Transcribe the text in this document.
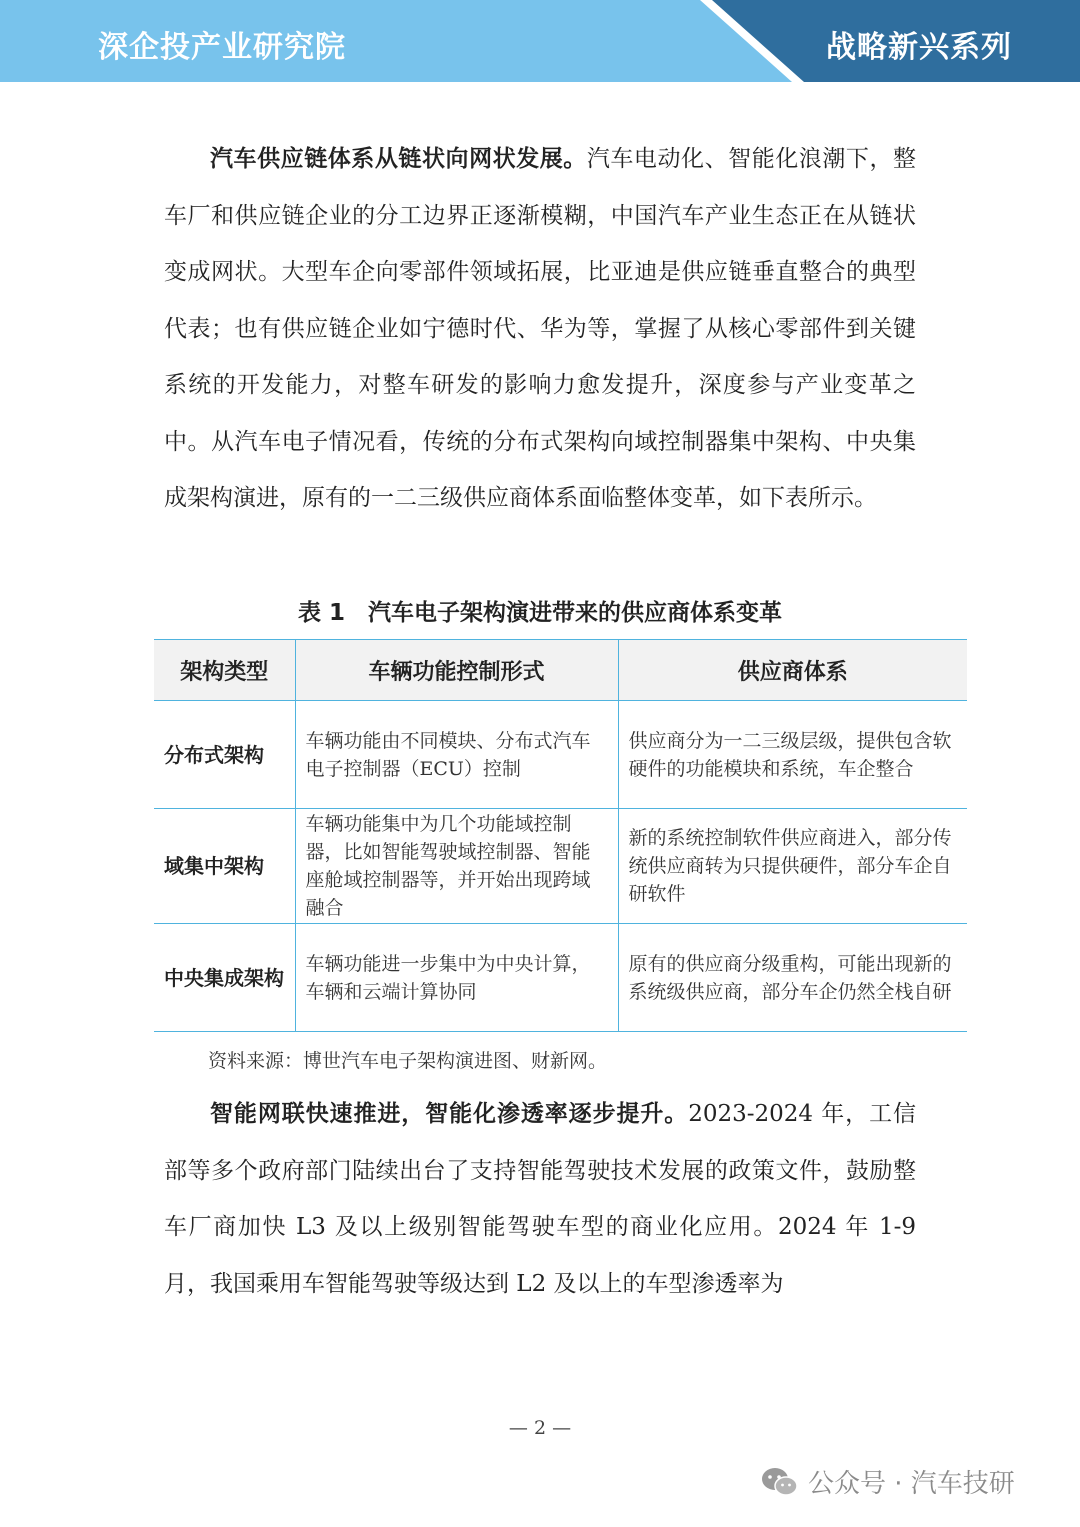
深企投产业研究院	战略新兴系列

汽车供应链体系从链状向网状发展。汽车电动化、智能化浪潮下，整车厂和供应链企业的分工边界正逐渐模糊，中国汽车产业生态正在从链状变成网状。大型车企向零部件领域拓展，比亚迪是供应链垂直整合的典型代表；也有供应链企业如宁德时代、华为等，掌握了从核心零部件到关键系统的开发能力，对整车研发的影响力愈发提升，深度参与产业变革之中。从汽车电子情况看，传统的分布式架构向域控制器集中架构、中央集成架构演进，原有的一二三级供应商体系面临整体变革，如下表所示。

表 1　汽车电子架构演进带来的供应商体系变革
架构类型	车辆功能控制形式	供应商体系
分布式架构	车辆功能由不同模块、分布式汽车电子控制器（ECU）控制	供应商分为一二三级层级，提供包含软硬件的功能模块和系统，车企整合
域集中架构	车辆功能集中为几个功能域控制器，比如智能驾驶域控制器、智能座舱域控制器等，并开始出现跨域融合	新的系统控制软件供应商进入，部分传统供应商转为只提供硬件，部分车企自研软件
中央集成架构	车辆功能进一步集中为中央计算，车辆和云端计算协同	原有的供应商分级重构，可能出现新的系统级供应商，部分车企仍然全栈自研
资料来源：博世汽车电子架构演进图、财新网。

智能网联快速推进，智能化渗透率逐步提升。2023-2024 年，工信部等多个政府部门陆续出台了支持智能驾驶技术发展的政策文件，鼓励整车厂商加快 L3 及以上级别智能驾驶车型的商业化应用。2024 年 1-9 月，我国乘用车智能驾驶等级达到 L2 及以上的车型渗透率为

— 2 —
公众号 · 汽车技研
